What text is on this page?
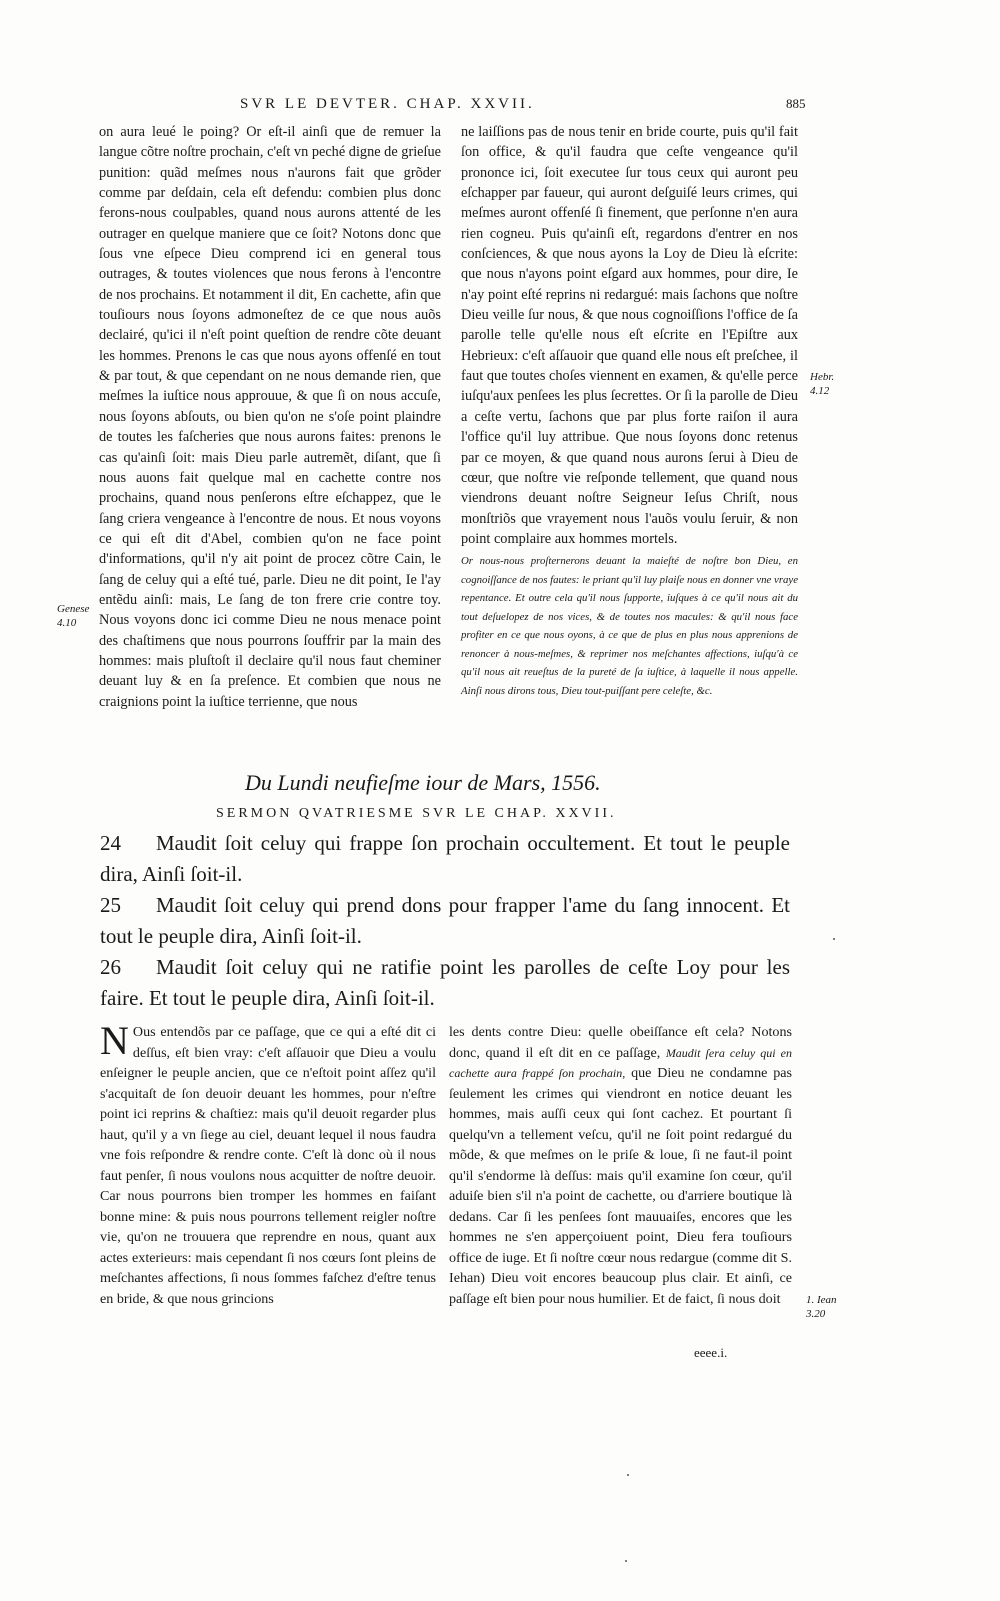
SVR LE DEVTER. CHAP. XXVII.	885

on aura leué le poing? Or eſt-il ainſi que de remuer la langue cõtre noſtre prochain, c'eſt vn peché digne de grieſue punition: quãd meſmes nous n'aurons fait que grõder comme par deſdain, cela eſt defendu: combien plus donc ferons-nous coulpables, quand nous aurons attenté de les outrager en quelque maniere que ce ſoit? Notons donc que ſous vne eſpece Dieu comprend ici en general tous outrages, & toutes violences que nous ferons à l'encontre de nos prochains. Et notamment il dit, En cachette, afin que touſiours nous ſoyons admoneſtez de ce que nous auõs declairé, qu'ici il n'eſt point queſtion de rendre cõte deuant les hommes. Prenons le cas que nous ayons offenſé en tout & par tout, & que cependant on ne nous demande rien, que meſmes la iuſtice nous approuue, & que ſi on nous accuſe, nous ſoyons abſouts, ou bien qu'on ne s'oſe point plaindre de toutes les faſcheries que nous aurons faites: prenons le cas qu'ainſi ſoit: mais Dieu parle autremẽt, diſant, que ſi nous auons fait quelque mal en cachette contre nos prochains, quand nous penſerons eſtre eſchappez, que le ſang criera vengeance à l'encontre de nous. Et nous voyons ce qui eſt dit d'Abel, combien qu'on ne face point d'informations, qu'il n'y ait point de procez cõtre Cain, le ſang de celuy qui a eſté tué, parle. Dieu ne dit point, Ie l'ay entẽdu ainſi: mais, Le ſang de ton frere crie contre toy. Nous voyons donc ici comme Dieu ne nous menace point des chaſtimens que nous pourrons ſouffrir par la main des hommes: mais pluſtoſt il declaire qu'il nous faut cheminer deuant luy & en ſa preſence. Et combien que nous ne craignions point la iuſtice terrienne, que nous

ne laiſſions pas de nous tenir en bride courte, puis qu'il fait ſon office, & qu'il faudra que ceſte vengeance qu'il prononce ici, ſoit executee ſur tous ceux qui auront peu eſchapper par faueur, qui auront deſguiſé leurs crimes, qui meſmes auront offenſé ſi finement, que perſonne n'en aura rien cogneu. Puis qu'ainſi eſt, regardons d'entrer en nos conſciences, & que nous ayons la Loy de Dieu là eſcrite: que nous n'ayons point eſgard aux hommes, pour dire, Ie n'ay point eſté reprins ni redargué: mais ſachons que noſtre Dieu veille ſur nous, & que nous cognoiſſions l'office de ſa parolle telle qu'elle nous eſt eſcrite en l'Epiſtre aux Hebrieux: c'eſt aſſauoir que quand elle nous eſt preſchee, il faut que toutes choſes viennent en examen, & qu'elle perce iuſqu'aux penſees les plus ſecrettes. Or ſi la parolle de Dieu a ceſte vertu, ſachons que par plus forte raiſon il aura l'office qu'il luy attribue. Que nous ſoyons donc retenus par ce moyen, & que quand nous aurons ſerui à Dieu de cœur, que noſtre vie reſponde tellement, que quand nous viendrons deuant noſtre Seigneur Ieſus Chriſt, nous monſtriõs que vrayement nous l'auõs voulu ſeruir, & non point complaire aux hommes mortels.

Or nous-nous proſternerons deuant la maieſté de noſtre bon Dieu, en cognoiſſance de nos fautes: le priant qu'il luy plaiſe nous en donner vne vraye repentance. Et outre cela qu'il nous ſupporte, iuſques à ce qu'il nous ait du tout deſuelopez de nos vices, & de toutes nos macules: & qu'il nous face profiter en ce que nous oyons, à ce que de plus en plus nous apprenions de renoncer à nous-meſmes, & reprimer nos meſchantes affections, iuſqu'à ce qu'il nous ait reueſtus de la pureté de ſa iuſtice, à laquelle il nous appelle. Ainſi nous dirons tous, Dieu tout-puiſſant pere celeſte, &c.

Genese 4.10
Hebr. 4.12
1. Iean 3.20
Du Lundi neufieſme iour de Mars, 1556.
SERMON QVATRIESME SVR LE CHAP. XXVII.
24 Maudit ſoit celuy qui frappe ſon prochain occultement. Et tout le peuple dira, Ainſi ſoit-il.
25 Maudit ſoit celuy qui prend dons pour frapper l'ame du ſang innocent. Et tout le peuple dira, Ainſi ſoit-il.
26 Maudit ſoit celuy qui ne ratifie point les parolles de ceſte Loy pour les faire. Et tout le peuple dira, Ainſi ſoit-il.

N Ous entendõs par ce paſſage, que ce qui a eſté dit ci deſſus, eſt bien vray: c'eſt aſſauoir que Dieu a voulu enſeigner le peuple ancien, que ce n'eſtoit point aſſez qu'il s'acquitaſt de ſon deuoir deuant les hommes, pour n'eſtre point ici reprins & chaſtiez: mais qu'il deuoit regarder plus haut, qu'il y a vn ſiege au ciel, deuant lequel il nous faudra vne fois reſpondre & rendre conte. C'eſt là donc où il nous faut penſer, ſi nous voulons nous acquitter de noſtre deuoir. Car nous pourrons bien tromper les hommes en faiſant bonne mine: & puis nous pourrons tellement reigler noſtre vie, qu'on ne trouuera que reprendre en nous, quant aux actes exterieurs: mais cependant ſi nos cœurs ſont pleins de meſchantes affections, ſi nous ſommes faſchez d'eſtre tenus en bride, & que nous grincions

les dents contre Dieu: quelle obeiſſance eſt cela? Notons donc, quand il eſt dit en ce paſſage, Maudit ſera celuy qui en cachette aura frappé ſon prochain, que Dieu ne condamne pas ſeulement les crimes qui viendront en notice deuant les hommes, mais auſſi ceux qui ſont cachez. Et pourtant ſi quelqu'vn a tellement veſcu, qu'il ne ſoit point redargué du mõde, & que meſmes on le priſe & loue, ſi ne faut-il point qu'il s'endorme là deſſus: mais qu'il examine ſon cœur, qu'il aduiſe bien s'il n'a point de cachette, ou d'arriere boutique là dedans. Car ſi les penſees ſont mauuaiſes, encores que les hommes ne s'en apperçoiuent point, Dieu fera touſiours office de iuge. Et ſi noſtre cœur nous redargue (comme dit S. Iehan) Dieu voit encores beaucoup plus clair. Et ainſi, ce paſſage eſt bien pour nous humilier. Et de faict, ſi nous doit

eeee.i.
